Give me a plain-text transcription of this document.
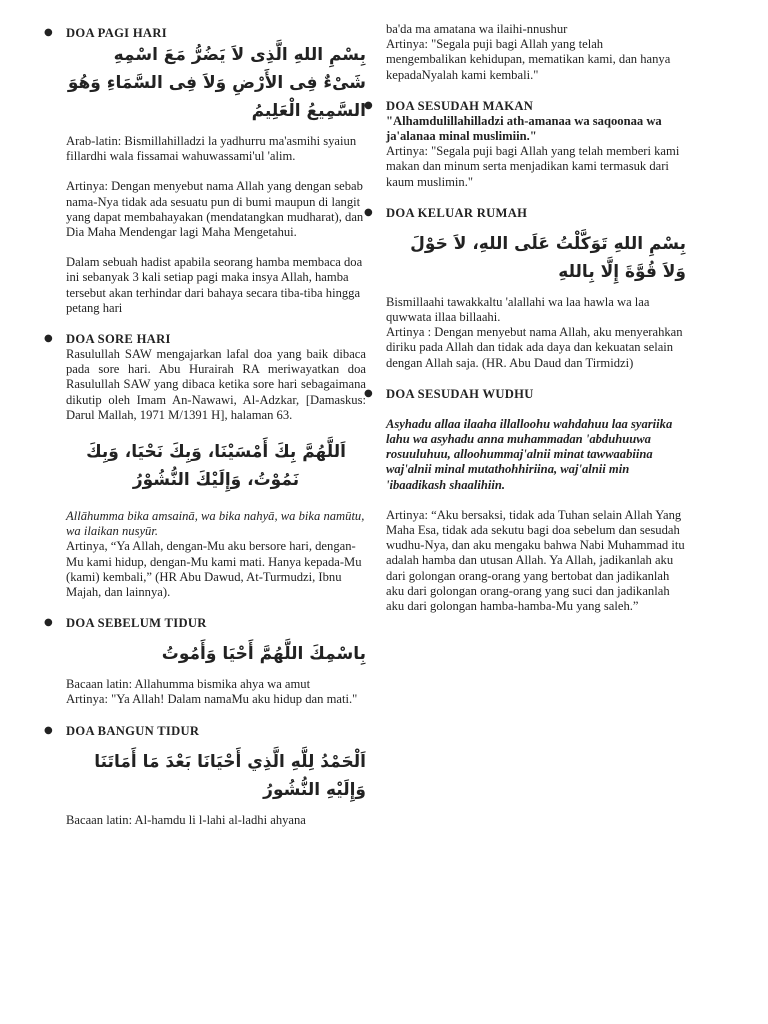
● DOA PAGI HARI

بِسْمِ اللهِ الَّذِى لاَ يَضُرُّ مَعَ اسْمِهِ شَىْءٌ فِى الأَرْضِ وَلاَ فِى السَّمَاءِ وَهُوَ السَّمِيعُ الْعَلِيمُ

Arab-latin: Bismillahilladzi la yadhurru ma'asmihi syaiun fillardhi wala fissamai wahuwassami'ul 'alim.

Artinya: Dengan menyebut nama Allah yang dengan sebab nama-Nya tidak ada sesuatu pun di bumi maupun di langit yang dapat membahayakan (mendatangkan mudharat), dan Dia Maha Mendengar lagi Maha Mengetahui.

Dalam sebuah hadist apabila seorang hamba membaca doa ini sebanyak 3 kali setiap pagi maka insya Allah, hamba tersebut akan terhindar dari bahaya secara tiba-tiba hingga petang hari

● DOA SORE HARI

Rasulullah SAW mengajarkan lafal doa yang baik dibaca pada sore hari. Abu Hurairah RA meriwayatkan doa Rasulullah SAW yang dibaca ketika sore hari sebagaimana dikutip oleh Imam An-Nawawi, Al-Adzkar, [Damaskus: Darul Mallah, 1971 M/1391 H], halaman 63.

اَللَّهُمَّ بِكَ أَمْسَيْنَا، وَبِكَ نَحْيَا، وَبِكَ نَمُوْتُ، وَإِلَيْكَ النُّشُوْرُ

Allāhumma bika amsainā, wa bika nahyā, wa bika namūtu, wa ilaikan nusyūr.

Artinya, “Ya Allah, dengan-Mu aku bersore hari, dengan-Mu kami hidup, dengan-Mu kami mati. Hanya kepada-Mu (kami) kembali,” (HR Abu Dawud, At-Turmudzi, Ibnu Majah, dan lainnya).

● DOA SEBELUM TIDUR

بِاسْمِكَ اللَّهُمَّ أَحْيَا وَأَمُوتُ

Bacaan latin: Allahumma bismika ahya wa amut

Artinya: "Ya Allah! Dalam namaMu aku hidup dan mati."

● DOA BANGUN TIDUR

اَلْحَمْدُ لِلَّهِ الَّذِي أَحْيَانَا بَعْدَ مَا أَمَاتَنَا وَإِلَيْهِ النُّشُورُ

Bacaan latin: Al-hamdu li l-lahi al-ladhi ahyana

ba'da ma amatana wa ilaihi-nnushur

Artinya: "Segala puji bagi Allah yang telah mengembalikan kehidupan, mematikan kami, dan hanya kepadaNyalah kami kembali."

● DOA SESUDAH MAKAN

"Alhamdulillahilladzi ath-amanaa wa saqoonaa wa ja'alanaa minal muslimiin."

Artinya: "Segala puji bagi Allah yang telah memberi kami makan dan minum serta menjadikan kami termasuk dari kaum muslimin."

● DOA KELUAR RUMAH

بِسْمِ اللهِ تَوَكَّلْتُ عَلَى اللهِ، لاَ حَوْلَ وَلاَ قُوَّةَ إِلَّا بِاللهِ

Bismillaahi tawakkaltu 'alallahi wa laa hawla wa laa quwwata illaa billaahi.

Artinya : Dengan menyebut nama Allah, aku menyerahkan diriku pada Allah dan tidak ada daya dan kekuatan selain dengan Allah saja. (HR. Abu Daud dan Tirmidzi)

● DOA SESUDAH WUDHU

Asyhadu allaa ilaaha illalloohu wahdahuu laa syariika lahu wa asyhadu anna muhammadan 'abduhuuwa rosuuluhuu, alloohummaj'alnii minat tawwaabiina waj'alnii minal mutathohhiriina, waj'alnii min 'ibaadikash shaalihiin.

Artinya: “Aku bersaksi, tidak ada Tuhan selain Allah Yang Maha Esa, tidak ada sekutu bagi doa sebelum dan sesudah wudhu-Nya, dan aku mengaku bahwa Nabi Muhammad itu adalah hamba dan utusan Allah. Ya Allah, jadikanlah aku dari golongan orang-orang yang bertobat dan jadikanlah aku dari golongan orang-orang yang suci dan jadikanlah aku dari golongan hamba-hamba-Mu yang saleh.”
